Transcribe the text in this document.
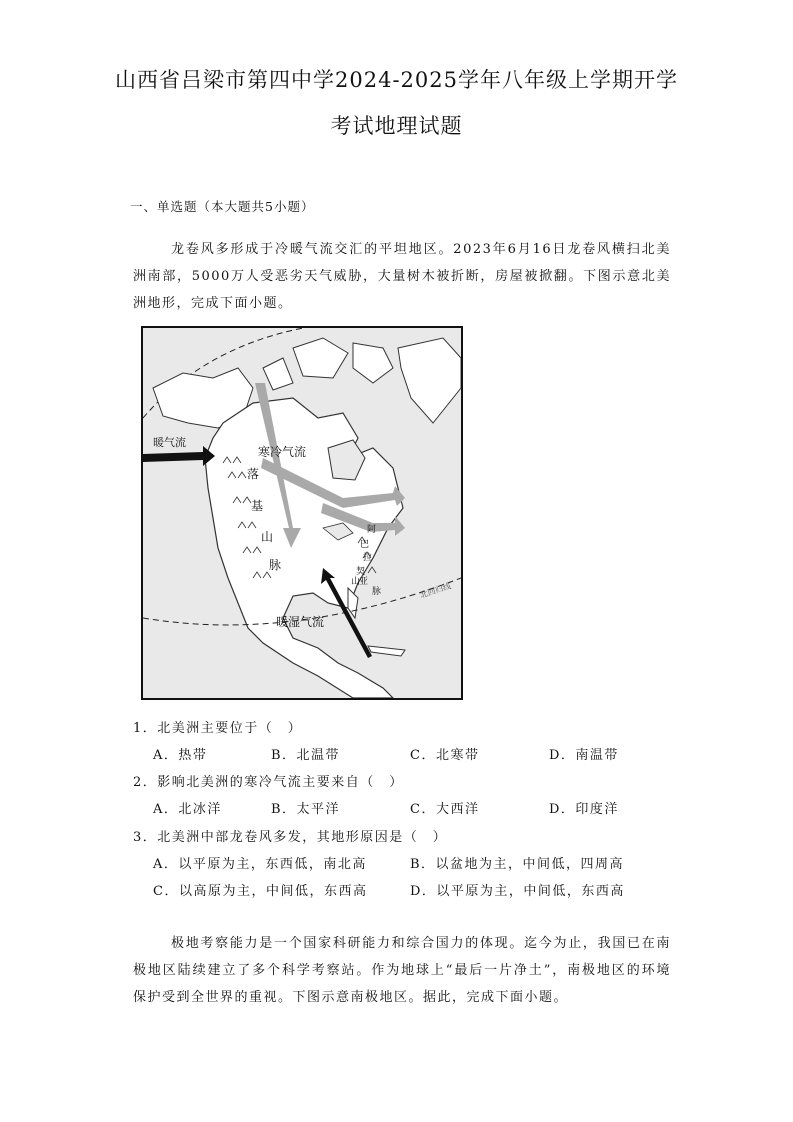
山西省吕梁市第四中学2024-2025学年八年级上学期开学
考试地理试题
一、单选题（本大题共5小题）
龙卷风多形成于冷暖气流交汇的平坦地区。2023年6月16日龙卷风横扫北美洲南部，5000万人受恶劣天气威胁，大量树木被折断，房屋被掀翻。下图示意北美洲地形，完成下面小题。
暖气流
寒冷气流
落
基
山
脉
暖湿气流
北回归线
阿
巴
拉
契
亚
山
脉
1．北美洲主要位于（　）
A．热带	B．北温带	C．北寒带	D．南温带
2．影响北美洲的寒冷气流主要来自（　）
A．北冰洋	B．太平洋	C．大西洋	D．印度洋
3．北美洲中部龙卷风多发，其地形原因是（　）
A．以平原为主，东西低，南北高	B．以盆地为主，中间低，四周高
C．以高原为主，中间低，东西高	D．以平原为主，中间低，东西高
极地考察能力是一个国家科研能力和综合国力的体现。迄今为止，我国已在南极地区陆续建立了多个科学考察站。作为地球上“最后一片净土”，南极地区的环境保护受到全世界的重视。下图示意南极地区。据此，完成下面小题。
